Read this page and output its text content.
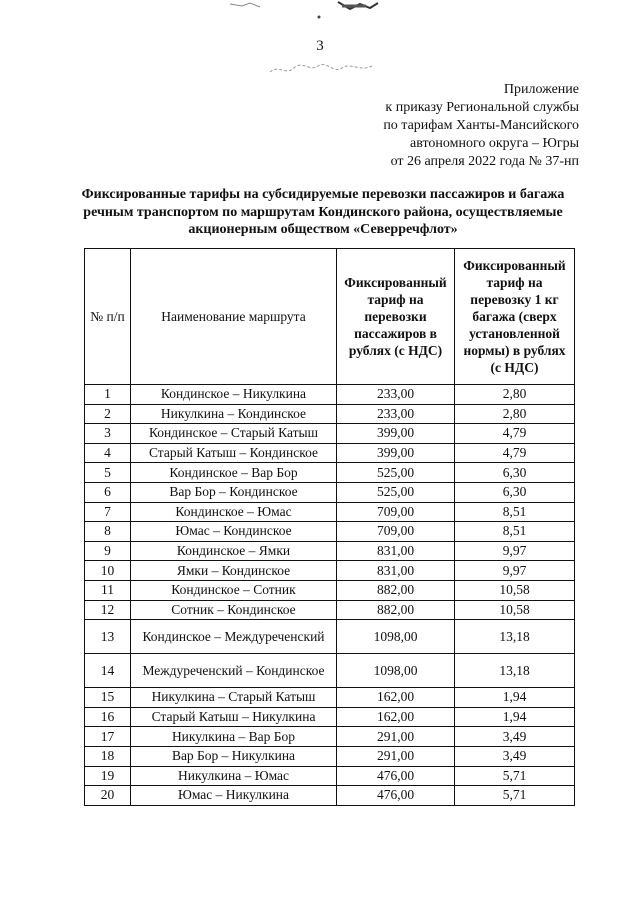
3
Приложение
к приказу Региональной службы
по тарифам Ханты-Мансийского
автономного округа – Югры
от 26 апреля 2022 года № 37-нп
Фиксированные тарифы на субсидируемые перевозки пассажиров и багажа
речным транспортом по маршрутам Кондинского района, осуществляемые
акционерным обществом «Северречфлот»
№ п/п	Наименование маршрута	Фиксированный тариф на перевозки пассажиров в рублях (с НДС)	Фиксированный тариф на перевозку 1 кг багажа (сверх установленной нормы) в рублях (с НДС)
1	Кондинское – Никулкина	233,00	2,80
2	Никулкина – Кондинское	233,00	2,80
3	Кондинское – Старый Катыш	399,00	4,79
4	Старый Катыш – Кондинское	399,00	4,79
5	Кондинское – Вар Бор	525,00	6,30
6	Вар Бор – Кондинское	525,00	6,30
7	Кондинское – Юмас	709,00	8,51
8	Юмас – Кондинское	709,00	8,51
9	Кондинское – Ямки	831,00	9,97
10	Ямки – Кондинское	831,00	9,97
11	Кондинское – Сотник	882,00	10,58
12	Сотник – Кондинское	882,00	10,58
13	Кондинское – Междуреченский	1098,00	13,18
14	Междуреченский – Кондинское	1098,00	13,18
15	Никулкина – Старый Катыш	162,00	1,94
16	Старый Катыш – Никулкина	162,00	1,94
17	Никулкина – Вар Бор	291,00	3,49
18	Вар Бор – Никулкина	291,00	3,49
19	Никулкина – Юмас	476,00	5,71
20	Юмас – Никулкина	476,00	5,71
